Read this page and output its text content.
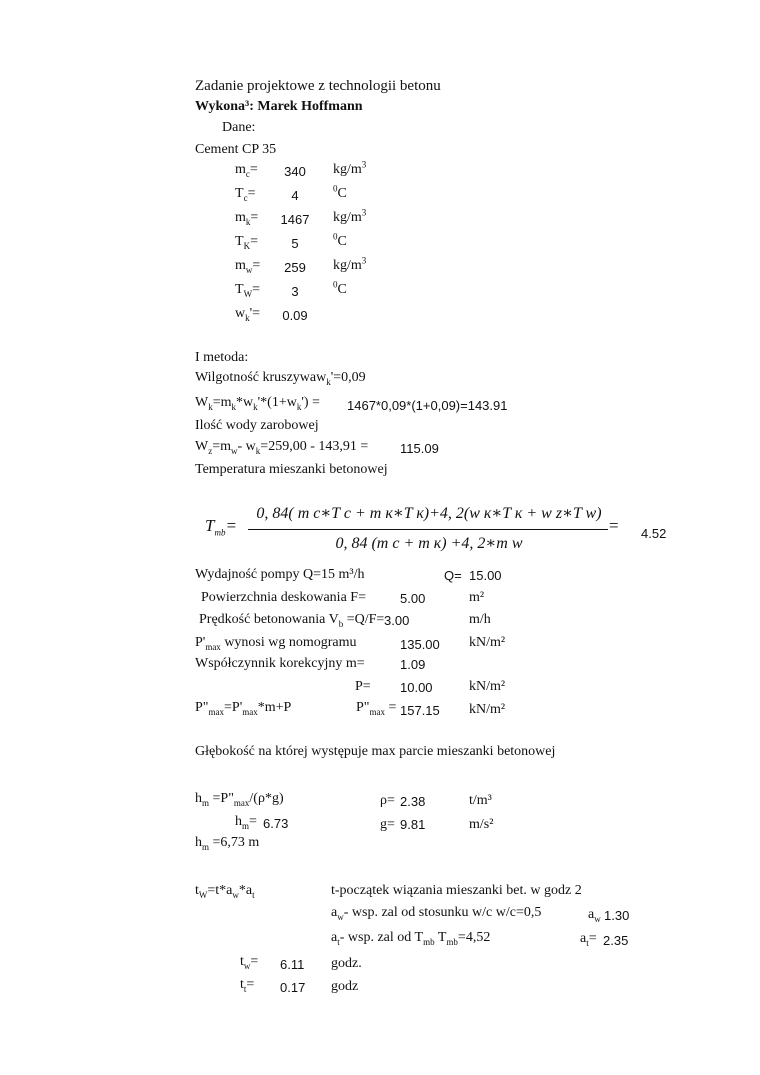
Zadanie projektowe z technologii betonu
Wykona³: Marek Hoffmann
Dane:
Cement CP 35
$m_c=$	340	$kg/m^3$
$T_c=$	4	$^0$C
$m_k=$	1467	$kg/m^3$
$T_K=$	5	$^0$C
$m_w=$	259	$kg/m^3$
$T_W=$	3	$^0$C
$w_k'=$	0.09
I metoda:
Wilgotność kruszywaw$_k$'=0,09
$W_k=m_k*w_k'*(1+w_k') = 1467*0,09*(1+0,09)=143.91$
Ilość wody zarobowej
$W_z=m_w-$ $w_k=259,00 - 143,91 = 115.09$
Temperatura mieszanki betonowej
$T_{mb}=$
0, 84( m c∗T c + m к∗T к)+4, 2(w к∗T к + w z∗T w)
0, 84 (m c + m к) +4, 2∗m w
= 4.52
Wydajność pompy Q=15 m³/h	Q= 15.00
Powierzchnia deskowania F=	5.00	m²
Prędkość betonowania $V_b =Q/F= 3.00$	m/h
$P'_{max}$ wynosi wg nomogramu	135.00 kN/m²
Współczynnik korekcyjny m=	1.09
P= 10.00	kN/m²
$P"_{max}=P'_{max}*m+P$	$P"_{max} = 157.15$ kN/m²
Głębokość na której występuje max parcie mieszanki betonowej
$h_m$ $=P"_{max}/(\rho*g)$	ρ= 2.38	t/m³
$h_m= 6.73$	g= 9.81	m/s²
$h_m =6,73$ m
$t_W=t*a_w*a_t$	t-początek wiązania mieszanki bet. w godz 2
$a_w-$ wsp. zal od stosunku w/c w/c=0,5	$a_w$ 1.30
$a_t-$ wsp. zal od $T_{mb}$ $T_{mb}=4,52$	$a_t= 2.35$
$t_w= 6.11$ godz.
$t_t= 0.17$ godz
